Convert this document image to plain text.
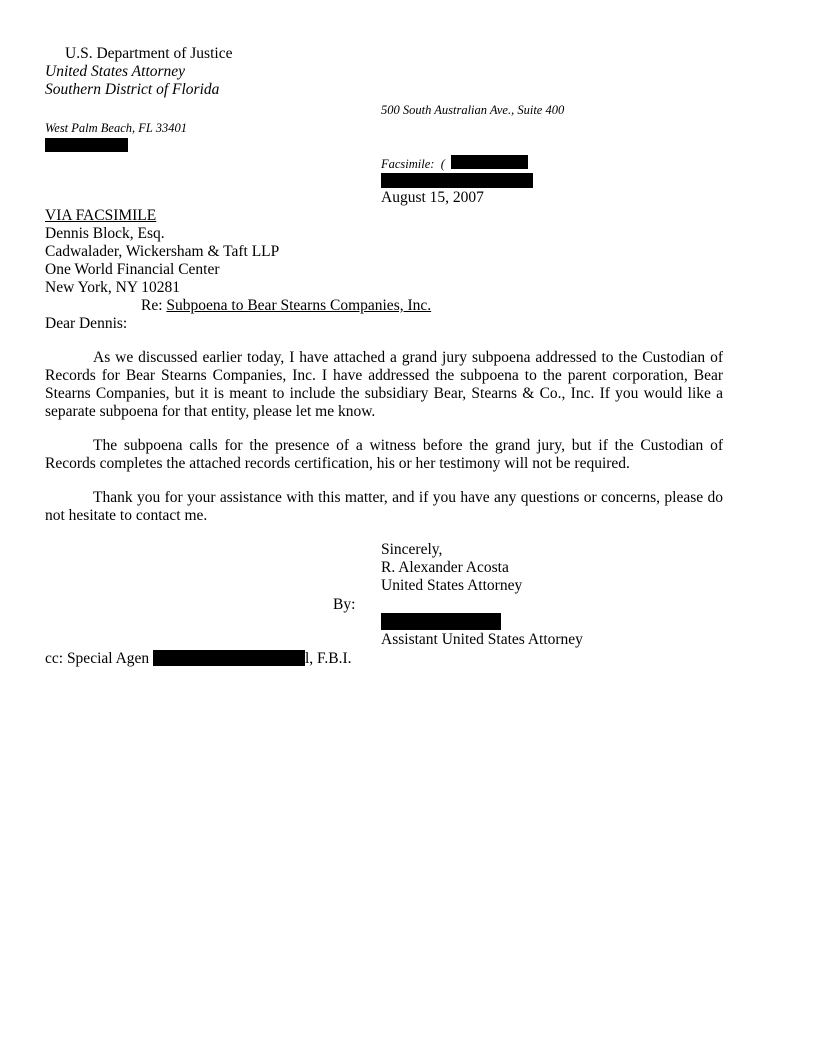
U.S. Department of Justice
United States Attorney
Southern District of Florida
500 South Australian Ave., Suite 400
West Palm Beach, FL 33401
Facsimile: (
August 15, 2007
VIA FACSIMILE
Dennis Block, Esq.
Cadwalader, Wickersham & Taft LLP
One World Financial Center
New York, NY 10281
Re: Subpoena to Bear Stearns Companies, Inc.
Dear Dennis:
As we discussed earlier today, I have attached a grand jury subpoena addressed to the Custodian of Records for Bear Stearns Companies, Inc. I have addressed the subpoena to the parent corporation, Bear Stearns Companies, but it is meant to include the subsidiary Bear, Stearns & Co., Inc. If you would like a separate subpoena for that entity, please let me know.
The subpoena calls for the presence of a witness before the grand jury, but if the Custodian of Records completes the attached records certification, his or her testimony will not be required.
Thank you for your assistance with this matter, and if you have any questions or concerns, please do not hesitate to contact me.
Sincerely,
R. Alexander Acosta
United States Attorney
By:
Assistant United States Attorney
cc: Special Agen	l, F.B.I.
